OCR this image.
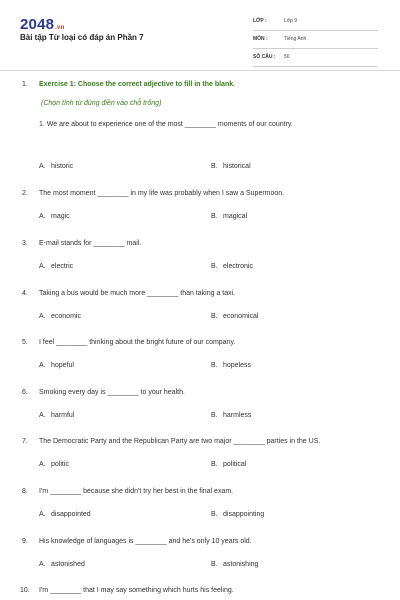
2048.vn
Bài tập Từ loại có đáp án Phần 7
LỚP :	Lớp 9
MÔN :	Tiếng Anh
SỐ CÂU : 50
1. Exercise 1: Choose the correct adjective to fill in the blank.
(Chọn tính từ đúng điền vào chỗ trống)
1. We are about to experience one of the most ________ moments of our country.
A. historic	B. historical
2. The most moment ________ in my life was probably when I saw a Supermoon.
A. magic	B. magical
3. E-mail stands for ________ mail.
A. electric	B. electronic
4. Taking a bus would be much more ________ than taking a taxi.
A. economic	B. economical
5. I feel ________ thinking about the bright future of our company.
A. hopeful	B. hopeless
6. Smoking every day is ________ to your health.
A. harmful	B. harmless
7. The Democratic Party and the Republican Party are two major ________ parties in the US.
A. politic	B. political
8. I'm ________ because she didn't try her best in the final exam.
A. disappointed	B. disappointing
9. His knowledge of languages is ________ and he's only 10 years old.
A. astonished	B. astonishing
10. I'm ________ that I may say something which hurts his feeling.
